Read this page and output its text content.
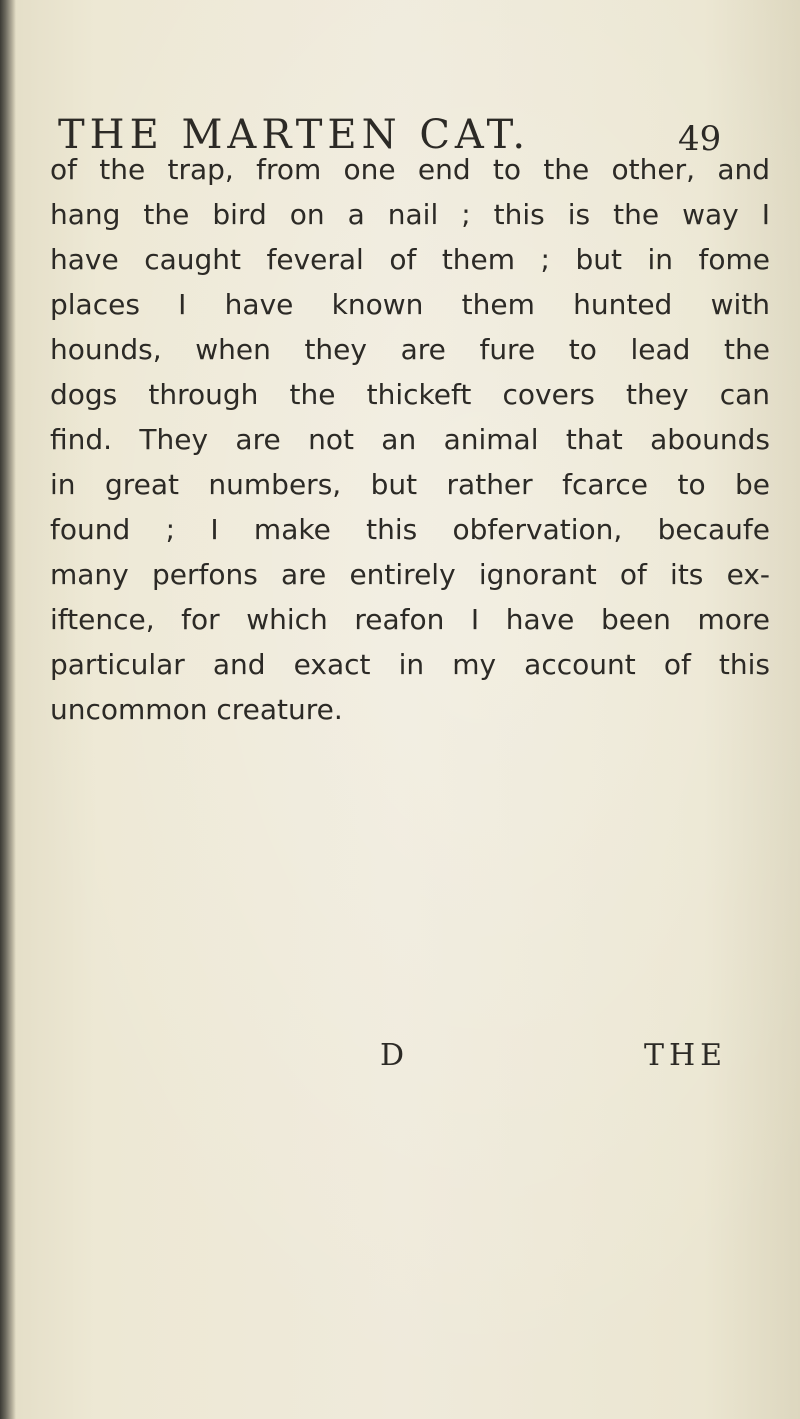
THE MARTEN CAT.	49
of the trap, from one end to the other, and
hang the bird on a nail ; this is the way I
have caught feveral of them ; but in fome
places I have known them hunted with
hounds, when they are fure to lead the
dogs through the thickeft covers they can
find. They are not an animal that abounds
in great numbers, but rather fcarce to be
found ; I make this obfervation, becaufe
many perfons are entirely ignorant of its ex-
iftence, for which reafon I have been more
particular and exact in my account of this
uncommon creature.
D	THE
